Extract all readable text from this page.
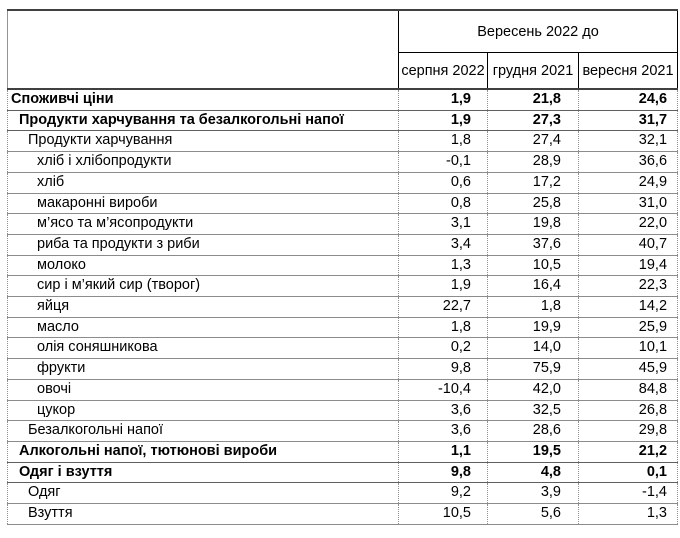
	Вересень 2022 до		
	серпня 2022	грудня 2021	вересня 2021
Споживчі ціни	1,9	21,8	24,6
Продукти харчування та безалкогольні напої	1,9	27,3	31,7
Продукти харчування	1,8	27,4	32,1
хліб і хлібопродукти	-0,1	28,9	36,6
хліб	0,6	17,2	24,9
макаронні вироби	0,8	25,8	31,0
м’ясо та м’ясопродукти	3,1	19,8	22,0
риба та продукти з риби	3,4	37,6	40,7
молоко	1,3	10,5	19,4
сир і м’який сир (творог)	1,9	16,4	22,3
яйця	22,7	1,8	14,2
масло	1,8	19,9	25,9
олія соняшникова	0,2	14,0	10,1
фрукти	9,8	75,9	45,9
овочі	-10,4	42,0	84,8
цукор	3,6	32,5	26,8
Безалкогольні напої	3,6	28,6	29,8
Алкогольні напої, тютюнові вироби	1,1	19,5	21,2
Одяг і взуття	9,8	4,8	0,1
Одяг	9,2	3,9	-1,4
Взуття	10,5	5,6	1,3
